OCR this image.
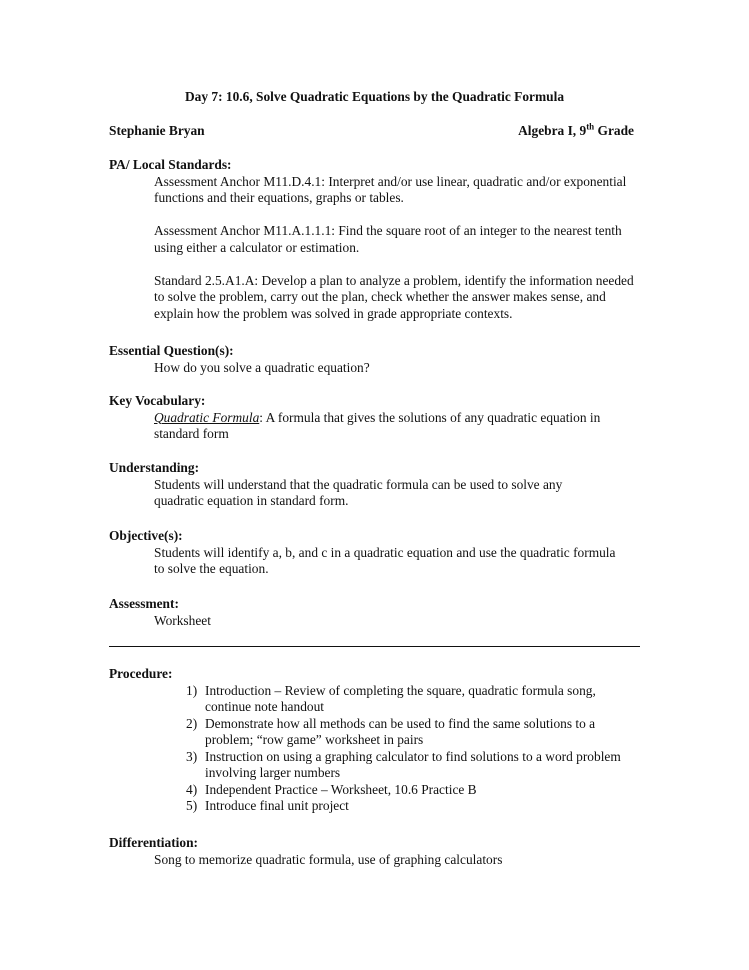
Day 7: 10.6, Solve Quadratic Equations by the Quadratic Formula
Stephanie Bryan	Algebra I, 9th Grade
PA/ Local Standards:

Assessment Anchor M11.D.4.1: Interpret and/or use linear, quadratic and/or exponential functions and their equations, graphs or tables.

Assessment Anchor M11.A.1.1.1: Find the square root of an integer to the nearest tenth using either a calculator or estimation.

Standard 2.5.A1.A: Develop a plan to analyze a problem, identify the information needed to solve the problem, carry out the plan, check whether the answer makes sense, and explain how the problem was solved in grade appropriate contexts.

Essential Question(s):
How do you solve a quadratic equation?
Key Vocabulary:
Quadratic Formula: A formula that gives the solutions of any quadratic equation in standard form
Understanding:
Students will understand that the quadratic formula can be used to solve any quadratic equation in standard form.
Objective(s):
Students will identify a, b, and c in a quadratic equation and use the quadratic formula to solve the equation.
Assessment:
Worksheet
Procedure:
1) Introduction – Review of completing the square, quadratic formula song, continue note handout
2) Demonstrate how all methods can be used to find the same solutions to a problem; “row game” worksheet in pairs
3) Instruction on using a graphing calculator to find solutions to a word problem involving larger numbers
4) Independent Practice – Worksheet, 10.6 Practice B
5) Introduce final unit project
Differentiation:
Song to memorize quadratic formula, use of graphing calculators
